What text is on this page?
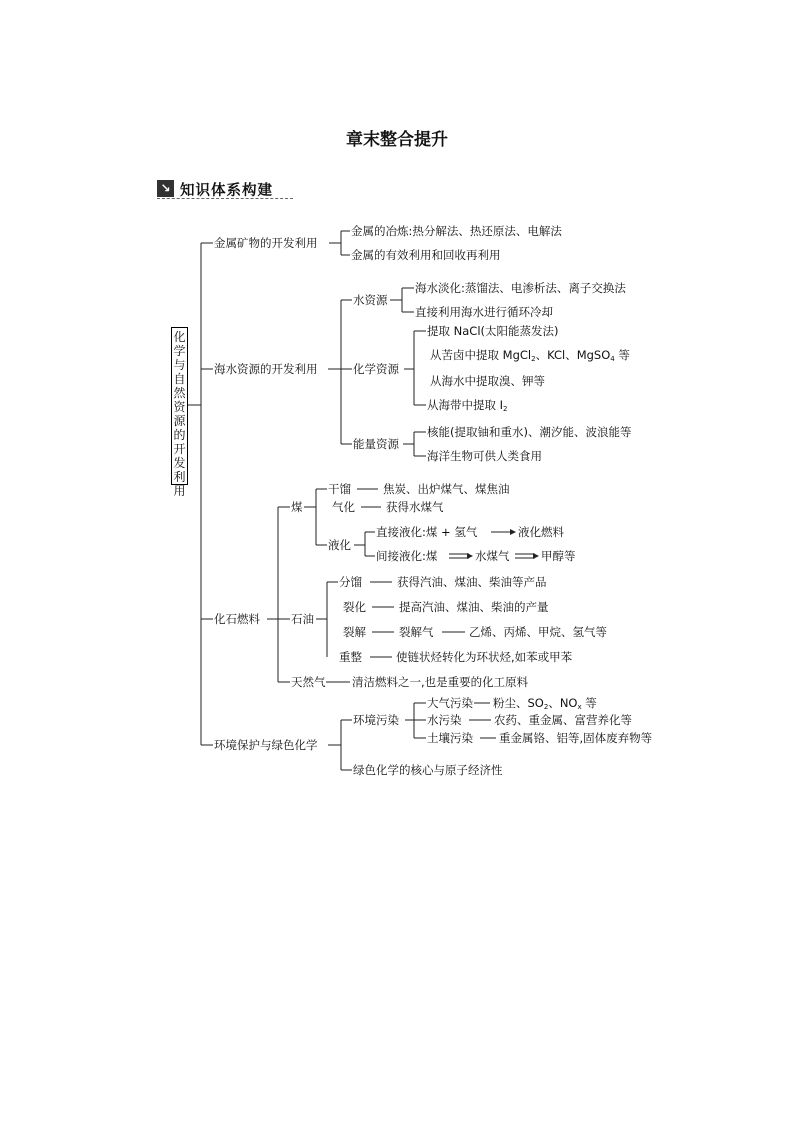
章末整合提升
↘ 知识体系构建
化学与自然资源的开发利用
金属矿物的开发利用
金属的冶炼:热分解法、热还原法、电解法
金属的有效利用和回收再利用
海水资源的开发利用
水资源
海水淡化:蒸馏法、电渗析法、离子交换法
直接利用海水进行循环冷却
化学资源
提取 NaCl(太阳能蒸发法)
从苦卤中提取 MgCl$_2$、KCl、MgSO$_4$ 等
从海水中提取溴、钾等
从海带中提取 $I_2$
能量资源
核能(提取铀和重水)、潮汐能、波浪能等
海洋生物可供人类食用
化石燃料
煤
干馏	焦炭、出炉煤气、煤焦油
气化	获得水煤气
液化
直接液化:煤 + 氢气	液化燃料
间接液化:煤	水煤气	甲醇等
石油
分馏	获得汽油、煤油、柴油等产品
裂化	提高汽油、煤油、柴油的产量
裂解	裂解气	乙烯、丙烯、甲烷、氢气等
重整	使链状烃转化为环状烃,如苯或甲苯
天然气 清洁燃料之一,也是重要的化工原料
环境保护与绿色化学
环境污染
大气污染 粉尘、$SO_2$、$NO_x$ 等
水污染	农药、重金属、富营养化等
土壤污染 重金属铬、铝等,固体废弃物等
绿色化学的核心与原子经济性
